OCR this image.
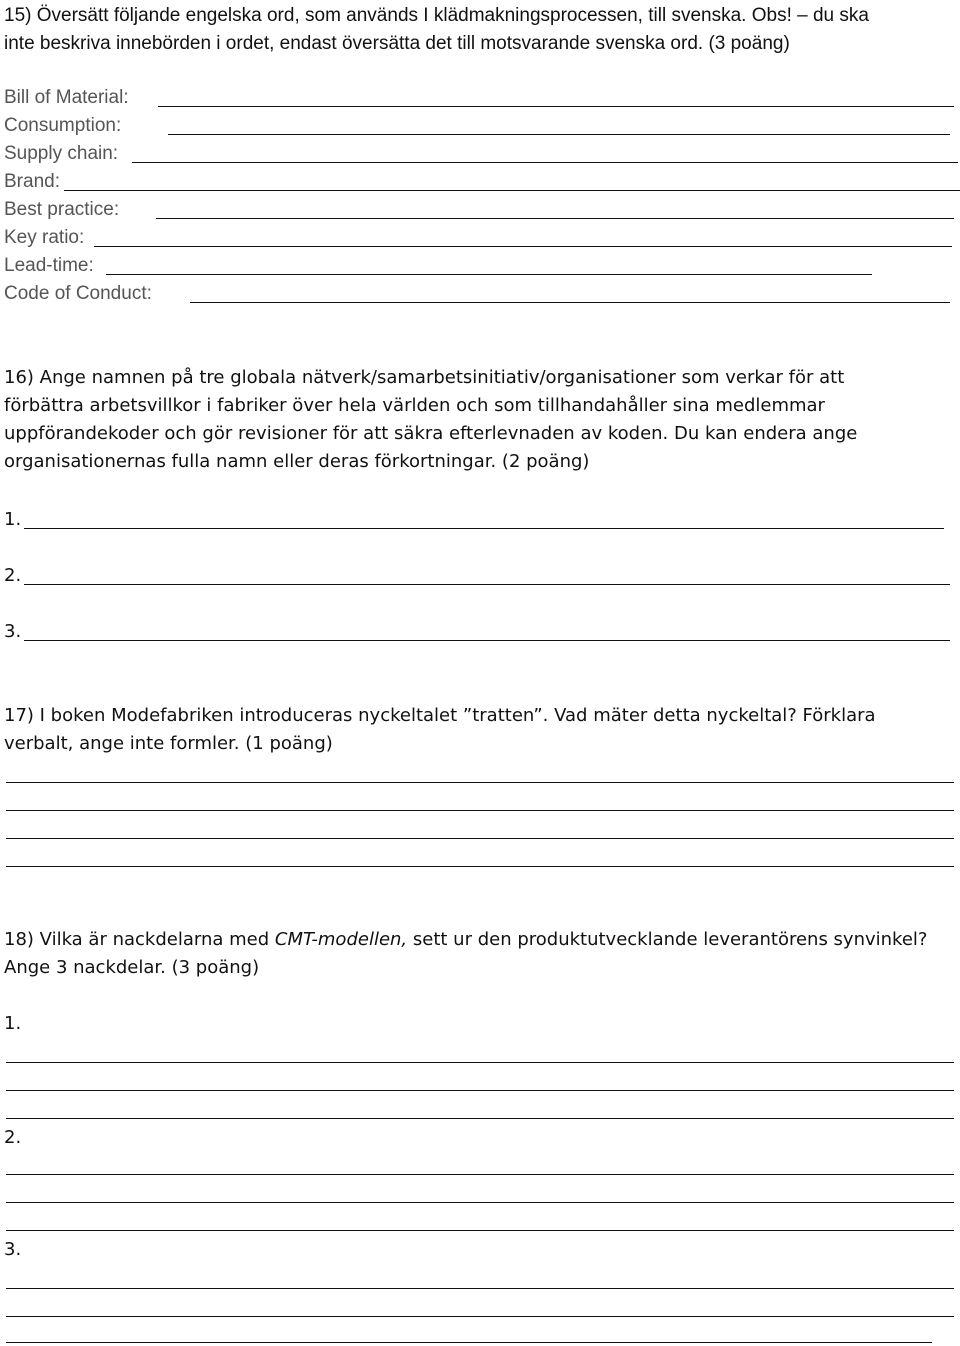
15) Översätt följande engelska ord, som används I klädmakningsprocessen, till svenska. Obs! – du ska
inte beskriva innebörden i ordet, endast översätta det till motsvarande svenska ord. (3 poäng)
Bill of Material:
Consumption:
Supply chain:
Brand:
Best practice:
Key ratio:
Lead-time:
Code of Conduct:
16) Ange namnen på tre globala nätverk/samarbetsinitiativ/organisationer som verkar för att
förbättra arbetsvillkor i fabriker över hela världen och som tillhandahåller sina medlemmar
uppförandekoder och gör revisioner för att säkra efterlevnaden av koden. Du kan endera ange
organisationernas fulla namn eller deras förkortningar. (2 poäng)
1.
2.
3.
17) I boken Modefabriken introduceras nyckeltalet ”tratten”. Vad mäter detta nyckeltal? Förklara
verbalt, ange inte formler. (1 poäng)
18) Vilka är nackdelarna med CMT-modellen, sett ur den produktutvecklande leverantörens synvinkel?
Ange 3 nackdelar. (3 poäng)
1.
2.
3.
